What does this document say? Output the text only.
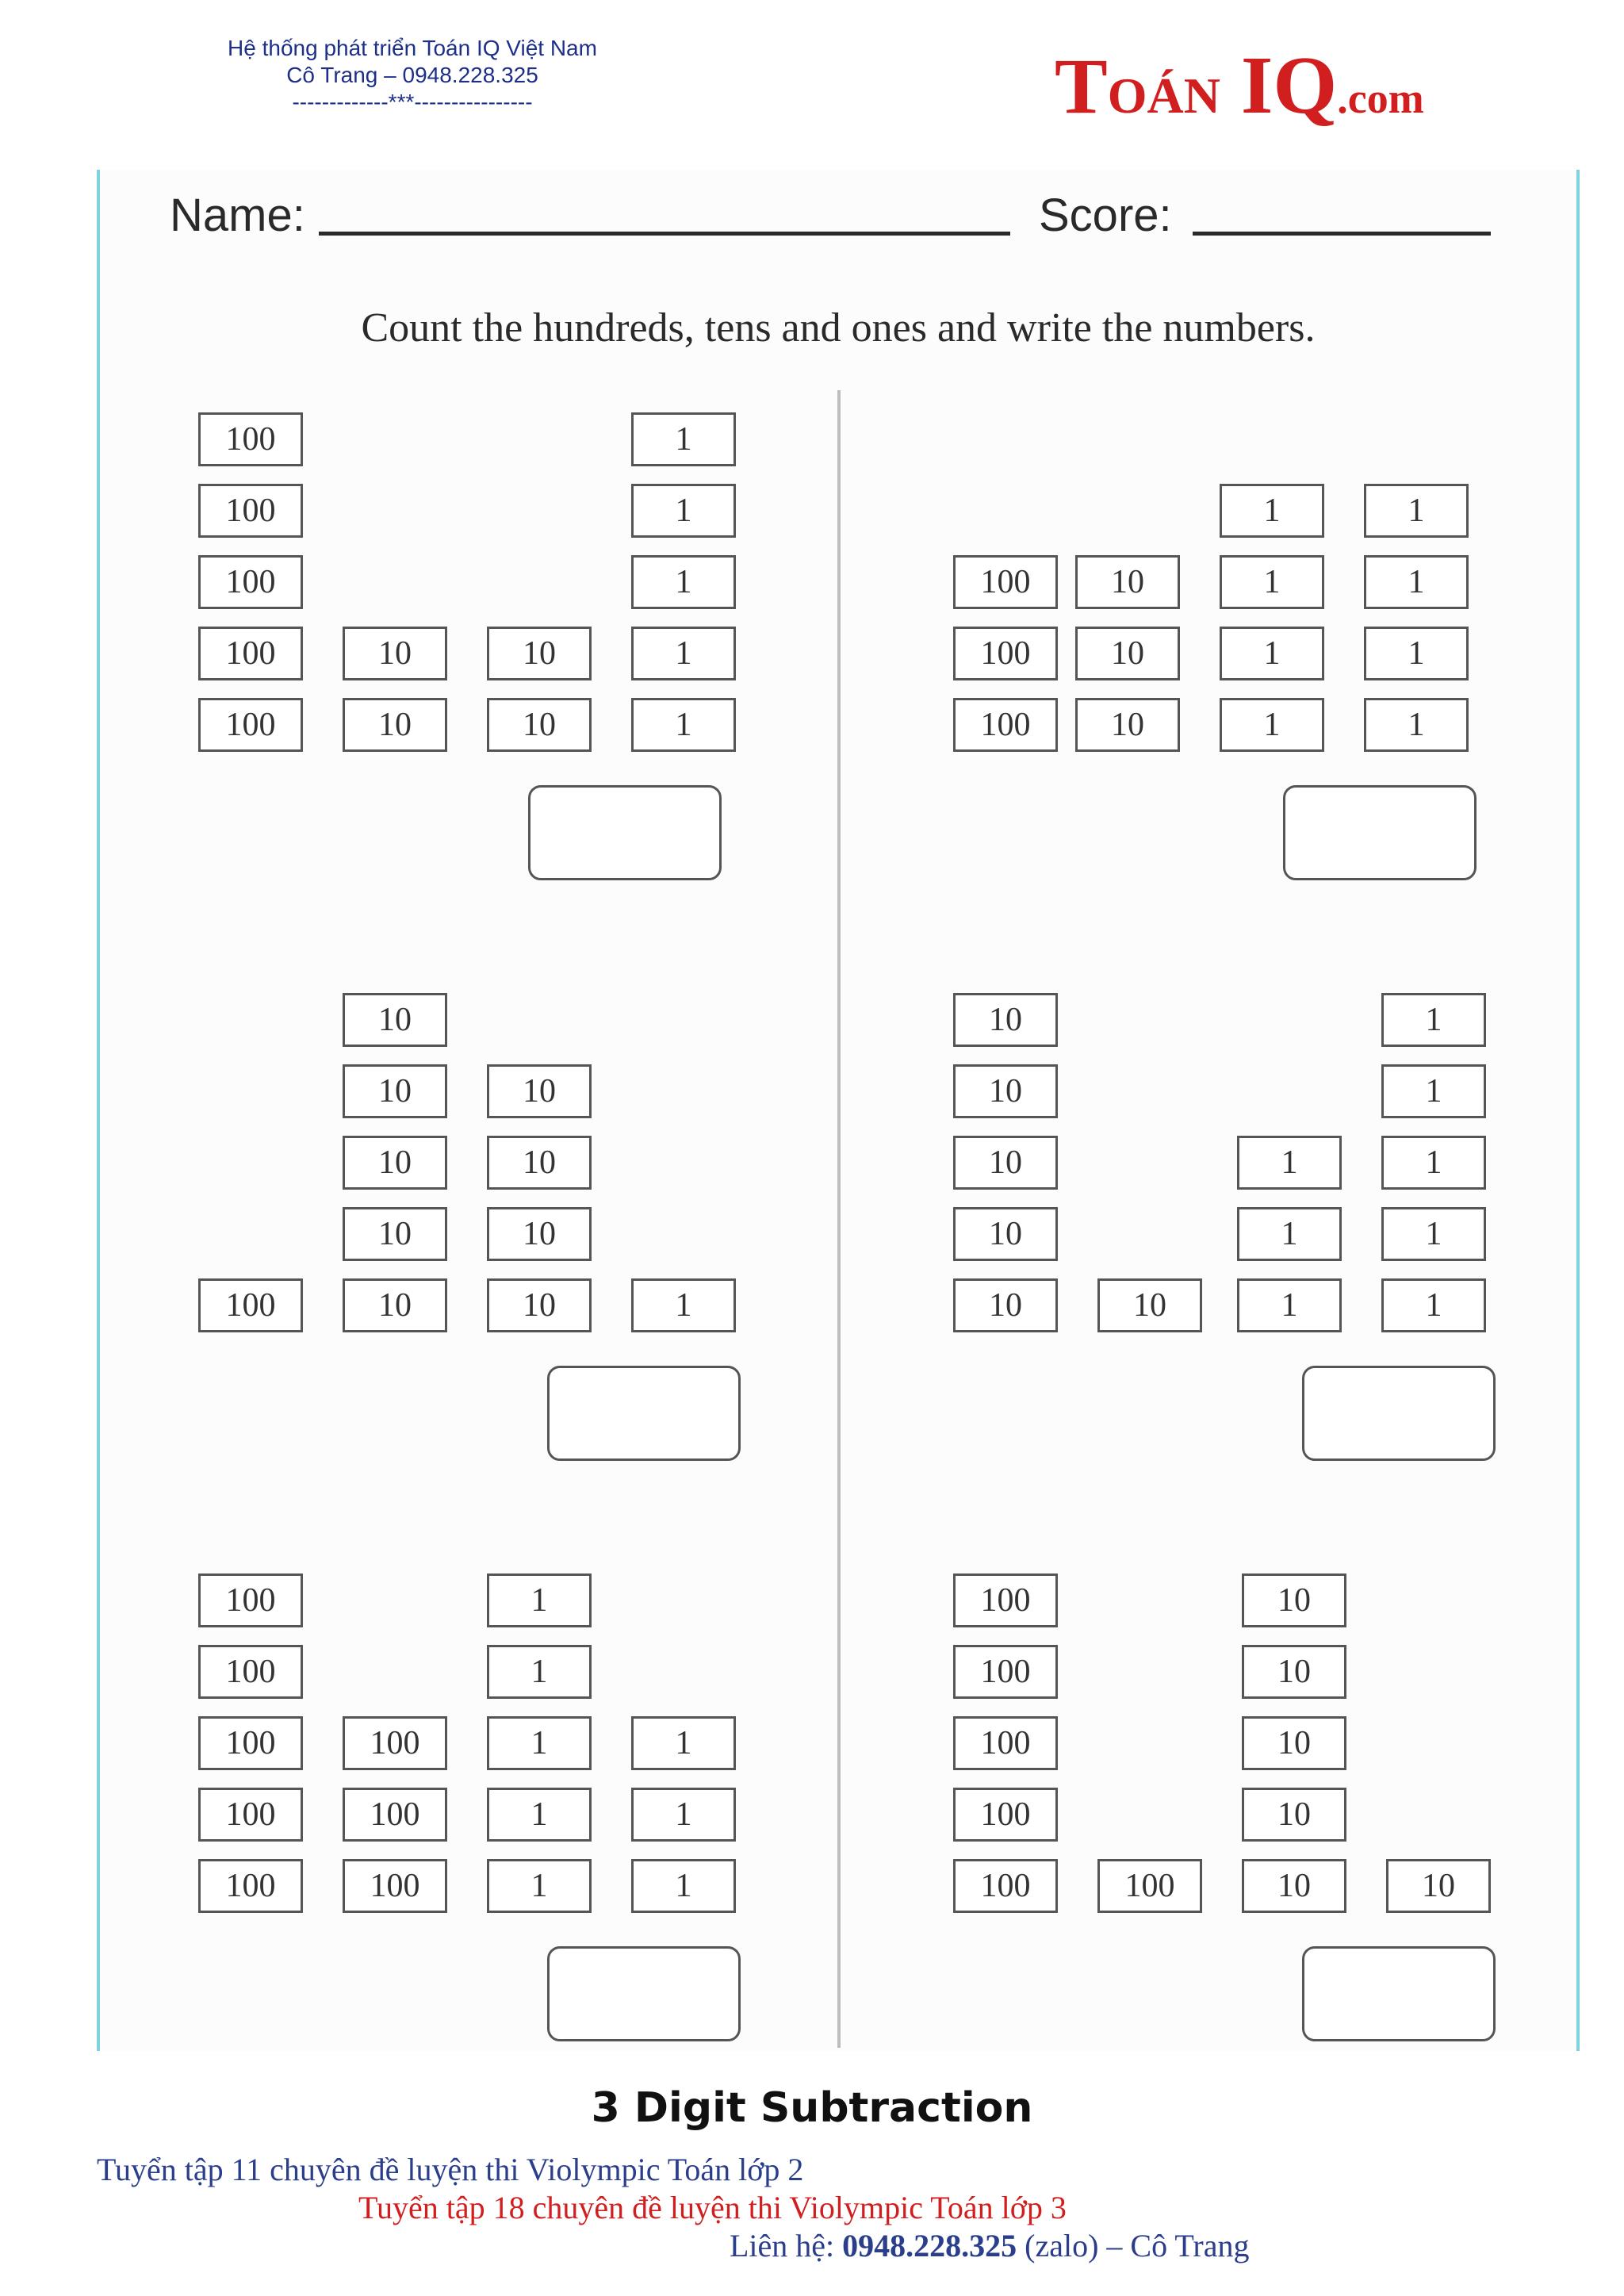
Hệ thống phát triển Toán IQ Việt Nam
Cô Trang – 0948.228.325
-------------***----------------	TOÁN IQ.com
Name:	Score:
Count the hundreds, tens and ones and write the numbers.
100	1
100	1
100	1
100	10	10	1
100	10	10	1
1	1
100	10	1	1
100	10	1	1
100	10	1	1
10
10	10
10	10
10	10
100	10	10	1
10	1
10	1
10	1	1
10	1	1
10	10	1	1
100	1
100	1
100	100	1	1
100	100	1	1
100	100	1	1
100	10
100	10
100	10
100	10
100	100	10	10
3 Digit Subtraction
Tuyển tập 11 chuyên đề luyện thi Violympic Toán lớp 2
Tuyển tập 18 chuyên đề luyện thi Violympic Toán lớp 3
Liên hệ: 0948.228.325 (zalo) – Cô Trang
